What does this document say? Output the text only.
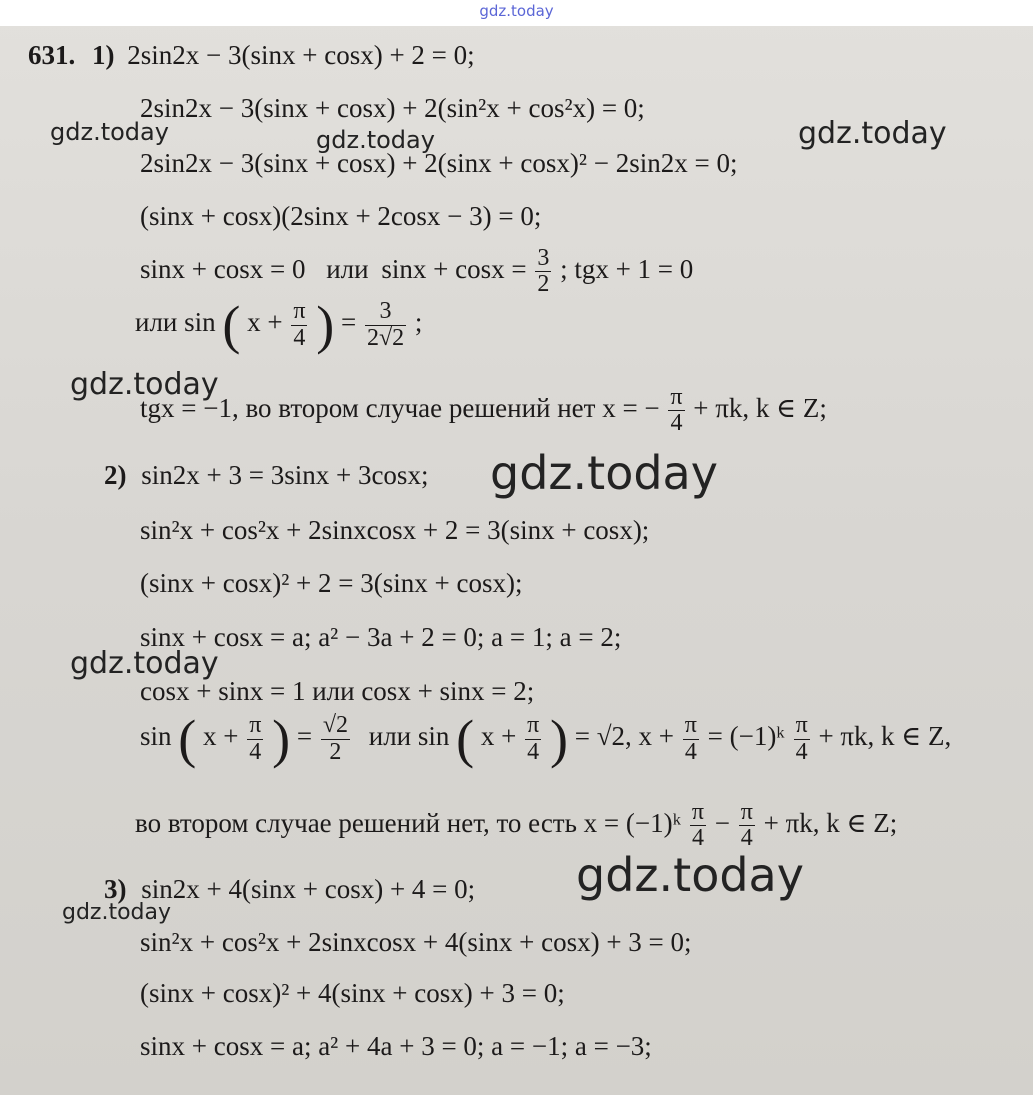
gdz.today
631. 1) 2sin2x − 3(sinx + cosx) + 2 = 0;
2sin2x − 3(sinx + cosx) + 2(sin²x + cos²x) = 0;
2sin2x − 3(sinx + cosx) + 2(sinx + cosx)² − 2sin2x = 0;
(sinx + cosx)(2sinx + 2cosx − 3) = 0;
sinx + cosx = 0 или $\sin x + \cos x = \frac{3}{2}$ ; tgx + 1 = 0
или sin ( $x + \frac{\pi}{4}$ ) = $\frac{3}{2√2}$ ;
tgx = −1, во втором случае решений нет x = − $\frac{\pi}{4} + \pi k$, k ∈ Z;
2) sin2x + 3 = 3sinx + 3cosx;
sin²x + cos²x + 2sinxcosx + 2 = 3(sinx + cosx);
(sinx + cosx)² + 2 = 3(sinx + cosx);
sinx + cosx = a; a² − 3a + 2 = 0; a = 1; a = 2;
cosx + sinx = 1 или cosx + sinx = 2;
sin ( $x + \frac{\pi}{4}$ ) = $\frac{√2}{2}$ или sin ( $x + \frac{\pi}{4}$ ) = √2, $x + \frac{\pi}{4}$ = (−1)ᵏ $\frac{\pi}{4} + \pi k$, k ∈ Z,
во втором случае решений нет, то есть x = (−1)ᵏ $\frac{\pi}{4} - \frac{\pi}{4} + \pi k$, k ∈ Z;
3) sin2x + 4(sinx + cosx) + 4 = 0;
sin²x + cos²x + 2sinxcosx + 4(sinx + cosx) + 3 = 0;
(sinx + cosx)² + 4(sinx + cosx) + 3 = 0;
sinx + cosx = a; a² + 4a + 3 = 0; a = −1; a = −3;
gdz.today	gdz.today	gdz.today
gdz.today
gdz.today
gdz.today
gdz.today
gdz.today
